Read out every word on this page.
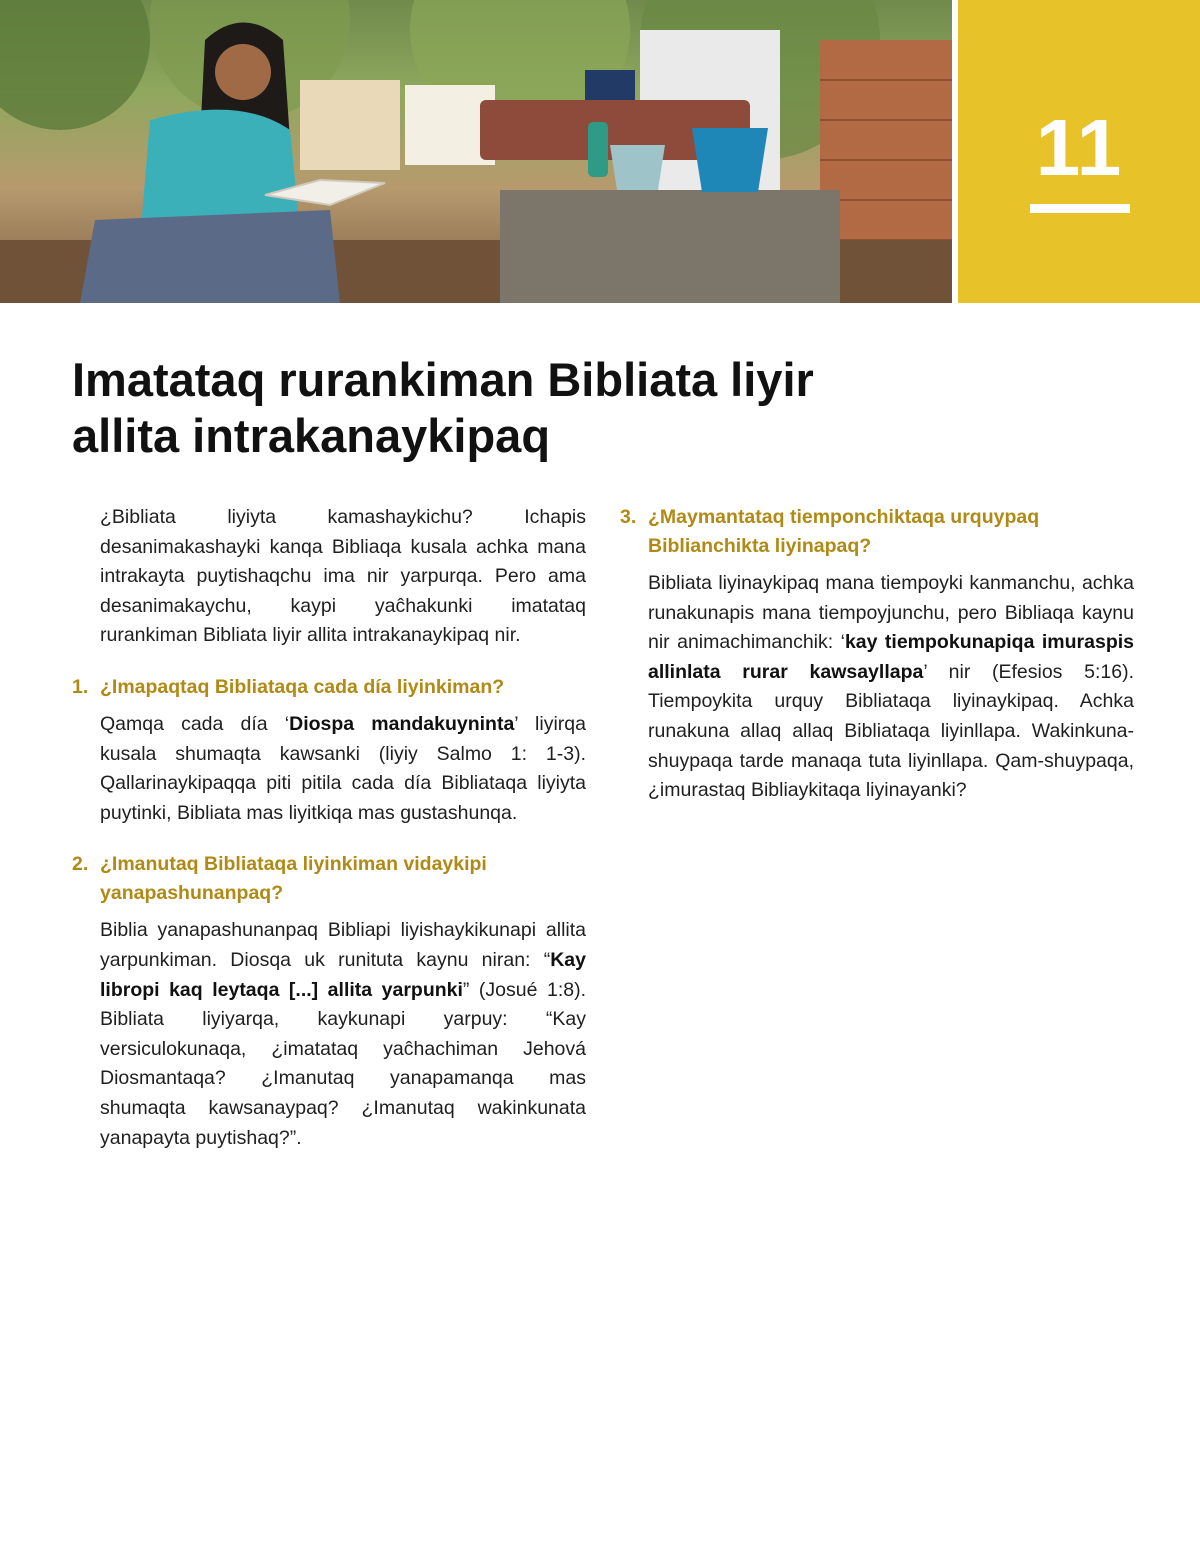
11
Imatataq rurankiman Bibliata liyir
allita intrakanaykipaq

¿Bibliata liyiyta kamashaykichu? Ichapis desanimakashayki kanqa Bibliaqa kusala achka mana intrakayta puytishaqchu ima nir yarpurqa. Pero ama desanimakaychu, kaypi yaĉhakunki imatataq rurankiman Bibliata liyir allita intrakanaykipaq nir.

1. ¿Imapaqtaq Bibliataqa cada día liyinkiman?

Qamqa cada día ‘Diospa mandakuyninta’ liyirqa kusala shumaqta kawsanki (liyiy Salmo 1: 1-3). Qallarinaykipaqqa piti pitila cada día Bibliataqa liyiyta puytinki, Bibliata mas liyitkiqa mas gustashunqa.

2. ¿Imanutaq Bibliataqa liyinkiman vidaykipi yanapashunanpaq?

Biblia yanapashunanpaq Bibliapi liyishaykikunapi allita yarpunkiman. Diosqa uk runituta kaynu niran: “Kay libropi kaq leytaqa [...] allita yarpunki” (Josué 1:8). Bibliata liyiyarqa, kaykunapi yarpuy: “Kay versiculokunaqa, ¿imatataq yaĉhachiman Jehová Diosmantaqa? ¿Imanutaq yanapamanqa mas shumaqta kawsanaypaq? ¿Imanutaq wakinkunata yanapayta puytishaq?”.

3. ¿Maymantataq tiemponchiktaqa urquypaq Biblianchikta liyinapaq?

Bibliata liyinaykipaq mana tiempoyki kanmanchu, achka runakunapis mana tiempoyjunchu, pero Bibliaqa kaynu nir animachimanchik: ‘kay tiempokunapiqa imuraspis allinlata rurar kawsayllapa’ nir (Efesios 5:16). Tiempoykita urquy Bibliataqa liyinaykipaq. Achka runakuna allaq allaq Bibliataqa liyinllapa. Wakinkuna-shuypaqa tarde manaqa tuta liyinllapa. Qam-shuypaqa, ¿imurastaq Bibliaykitaqa liyinayanki?
